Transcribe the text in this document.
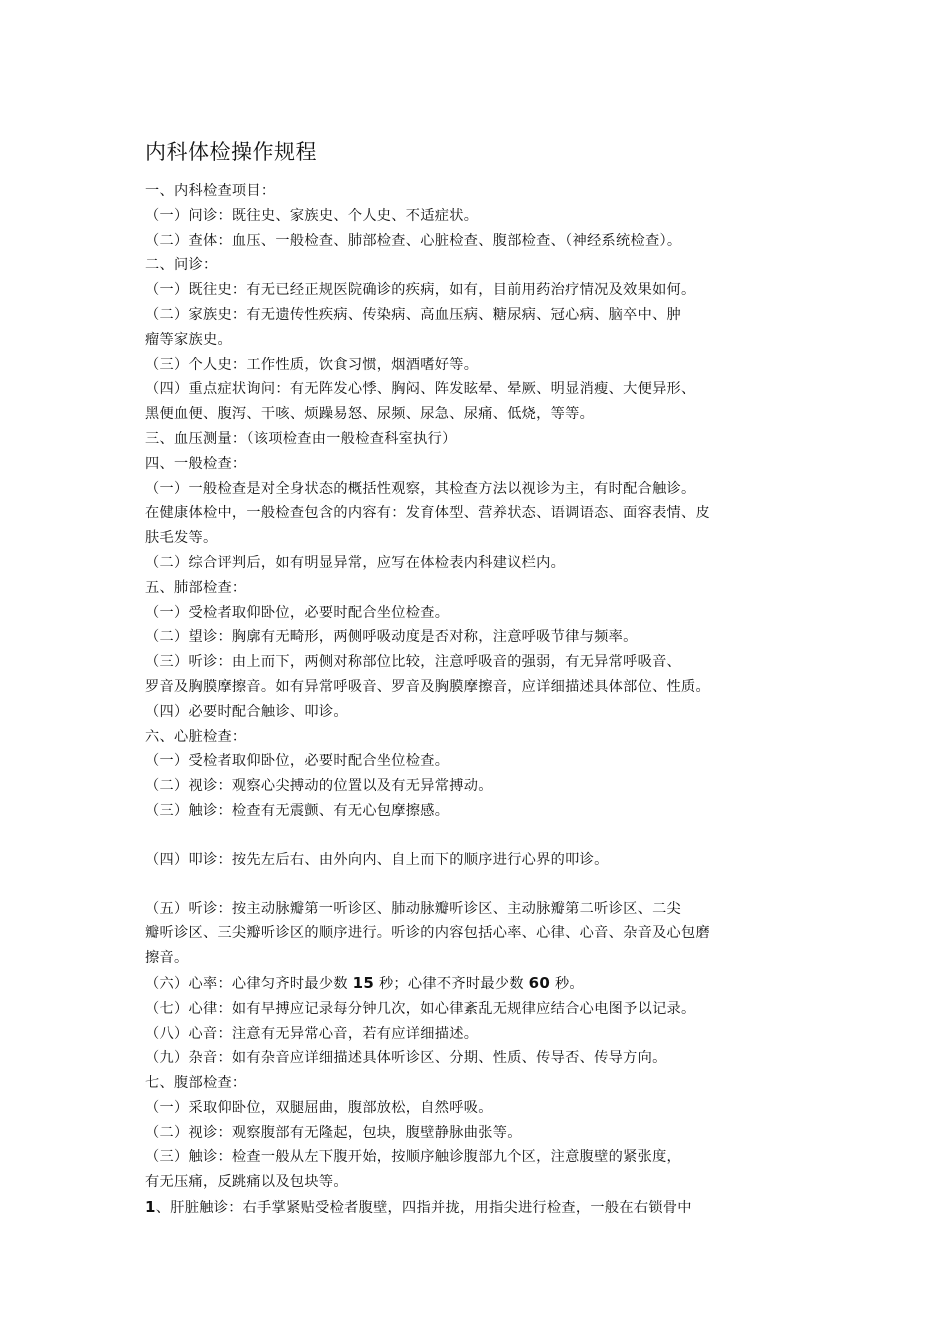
内科体检操作规程

一、内科检查项目：

（一）问诊：既往史、家族史、个人史、不适症状。

（二）查体：血压、一般检查、肺部检查、心脏检查、腹部检查、（神经系统检查）。

二、问诊：

（一）既往史：有无已经正规医院确诊的疾病，如有，目前用药治疗情况及效果如何。

（二）家族史：有无遗传性疾病、传染病、高血压病、糖尿病、冠心病、脑卒中、肿

瘤等家族史。

（三）个人史：工作性质，饮食习惯，烟酒嗜好等。

（四）重点症状询问：有无阵发心悸、胸闷、阵发眩晕、晕厥、明显消瘦、大便异形、

黑便血便、腹泻、干咳、烦躁易怒、尿频、尿急、尿痛、低烧，等等。

三、血压测量：（该项检查由一般检查科室执行）

四、一般检查：

（一）一般检查是对全身状态的概括性观察，其检查方法以视诊为主，有时配合触诊。

在健康体检中，一般检查包含的内容有：发育体型、营养状态、语调语态、面容表情、皮

肤毛发等。

（二）综合评判后，如有明显异常，应写在体检表内科建议栏内。

五、肺部检查：

（一）受检者取仰卧位，必要时配合坐位检查。

（二）望诊：胸廓有无畸形，两侧呼吸动度是否对称，注意呼吸节律与频率。

（三）听诊：由上而下，两侧对称部位比较，注意呼吸音的强弱，有无异常呼吸音、

罗音及胸膜摩擦音。如有异常呼吸音、罗音及胸膜摩擦音，应详细描述具体部位、性质。

（四）必要时配合触诊、叩诊。

六、心脏检查：

（一）受检者取仰卧位，必要时配合坐位检查。

（二）视诊：观察心尖搏动的位置以及有无异常搏动。

（三）触诊：检查有无震颤、有无心包摩擦感。

（四）叩诊：按先左后右、由外向内、自上而下的顺序进行心界的叩诊。

（五）听诊：按主动脉瓣第一听诊区、肺动脉瓣听诊区、主动脉瓣第二听诊区、二尖

瓣听诊区、三尖瓣听诊区的顺序进行。听诊的内容包括心率、心律、心音、杂音及心包磨

擦音。

（六）心率：心律匀齐时最少数 15 秒；心律不齐时最少数 60 秒。

（七）心律：如有早搏应记录每分钟几次，如心律紊乱无规律应结合心电图予以记录。

（八）心音：注意有无异常心音，若有应详细描述。

（九）杂音：如有杂音应详细描述具体听诊区、分期、性质、传导否、传导方向。

七、腹部检查：

（一）采取仰卧位，双腿屈曲，腹部放松，自然呼吸。

（二）视诊：观察腹部有无隆起，包块，腹壁静脉曲张等。

（三）触诊：检查一般从左下腹开始，按顺序触诊腹部九个区，注意腹壁的紧张度，

有无压痛，反跳痛以及包块等。

1、肝脏触诊：右手掌紧贴受检者腹壁，四指并拢，用指尖进行检查，一般在右锁骨中
